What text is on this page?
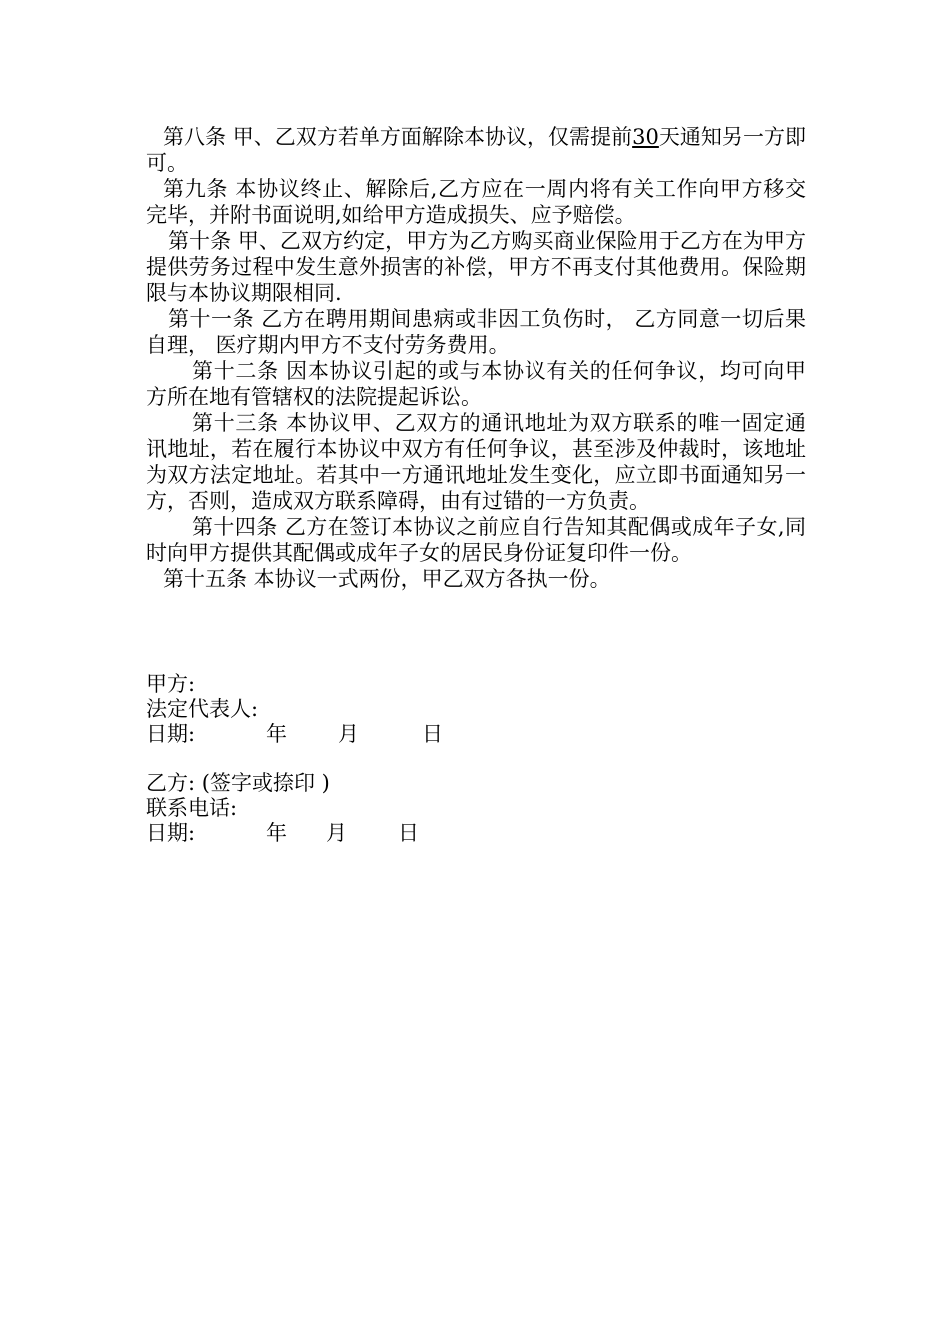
第八条 甲、乙双方若单方面解除本协议，仅需提前30天通知另一方即可。

第九条 本协议终止、解除后,乙方应在一周内将有关工作向甲方移交完毕，并附书面说明,如给甲方造成损失、应予赔偿。

第十条 甲、乙双方约定，甲方为乙方购买商业保险用于乙方在为甲方提供劳务过程中发生意外损害的补偿，甲方不再支付其他费用。保险期限与本协议期限相同.

第十一条 乙方在聘用期间患病或非因工负伤时， 乙方同意一切后果自理， 医疗期内甲方不支付劳务费用。

第十二条 因本协议引起的或与本协议有关的任何争议，均可向甲方所在地有管辖权的法院提起诉讼。

第十三条 本协议甲、乙双方的通讯地址为双方联系的唯一固定通讯地址，若在履行本协议中双方有任何争议，甚至涉及仲裁时，该地址为双方法定地址。若其中一方通讯地址发生变化，应立即书面通知另一方，否则，造成双方联系障碍，由有过错的一方负责。

第十四条 乙方在签订本协议之前应自行告知其配偶或成年子女,同时向甲方提供其配偶或成年子女的居民身份证复印件一份。

第十五条 本协议一式两份，甲乙双方各执一份。

甲方:

法定代表人:

日期:	年 月	日

乙方: (签字或捺印 )

联系电话:

日期:	年 月 日
